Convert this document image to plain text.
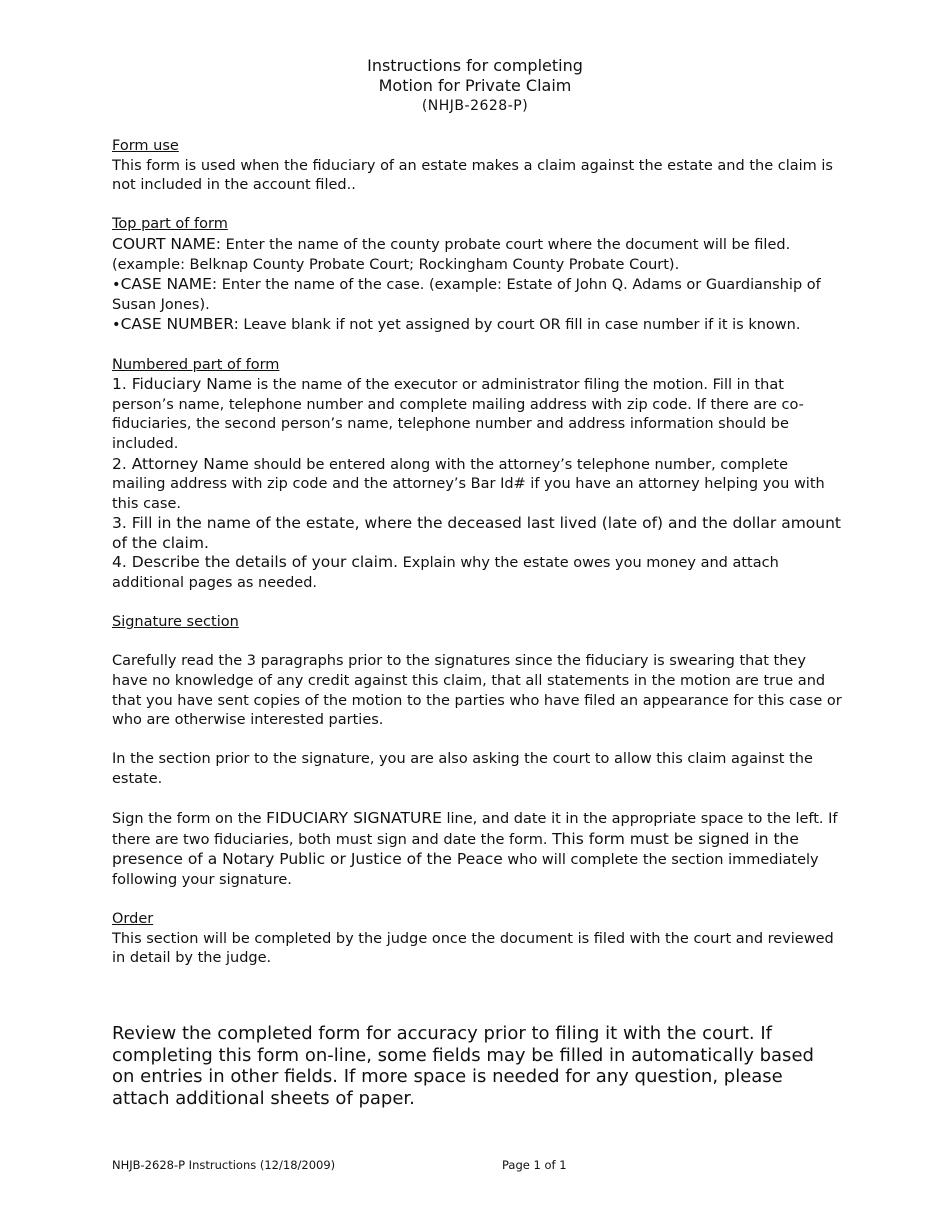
Instructions for completing
Motion for Private Claim
(NHJB-2628-P)
Form use
This form is used when the fiduciary of an estate makes a claim against the estate and the claim is not included in the account filed..
Top part of form
COURT NAME: Enter the name of the county probate court where the document will be filed. (example: Belknap County Probate Court; Rockingham County Probate Court).
•CASE NAME: Enter the name of the case. (example: Estate of John Q. Adams or Guardianship of Susan Jones).
•CASE NUMBER: Leave blank if not yet assigned by court OR fill in case number if it is known.
Numbered part of form
1. Fiduciary Name is the name of the executor or administrator filing the motion. Fill in that person’s name, telephone number and complete mailing address with zip code. If there are co-fiduciaries, the second person’s name, telephone number and address information should be included.
2. Attorney Name should be entered along with the attorney’s telephone number, complete mailing address with zip code and the attorney’s Bar Id# if you have an attorney helping you with this case.
3. Fill in the name of the estate, where the deceased last lived (late of) and the dollar amount of the claim.
4. Describe the details of your claim. Explain why the estate owes you money and attach additional pages as needed.
Signature section
Carefully read the 3 paragraphs prior to the signatures since the fiduciary is swearing that they have no knowledge of any credit against this claim, that all statements in the motion are true and that you have sent copies of the motion to the parties who have filed an appearance for this case or who are otherwise interested parties.
In the section prior to the signature, you are also asking the court to allow this claim against the estate.
Sign the form on the FIDUCIARY SIGNATURE line, and date it in the appropriate space to the left. If there are two fiduciaries, both must sign and date the form. This form must be signed in the presence of a Notary Public or Justice of the Peace who will complete the section immediately following your signature.
Order
This section will be completed by the judge once the document is filed with the court and reviewed in detail by the judge.
Review the completed form for accuracy prior to filing it with the court. If completing this form on-line, some fields may be filled in automatically based on entries in other fields. If more space is needed for any question, please attach additional sheets of paper.
NHJB-2628-P Instructions (12/18/2009)	Page 1 of 1
